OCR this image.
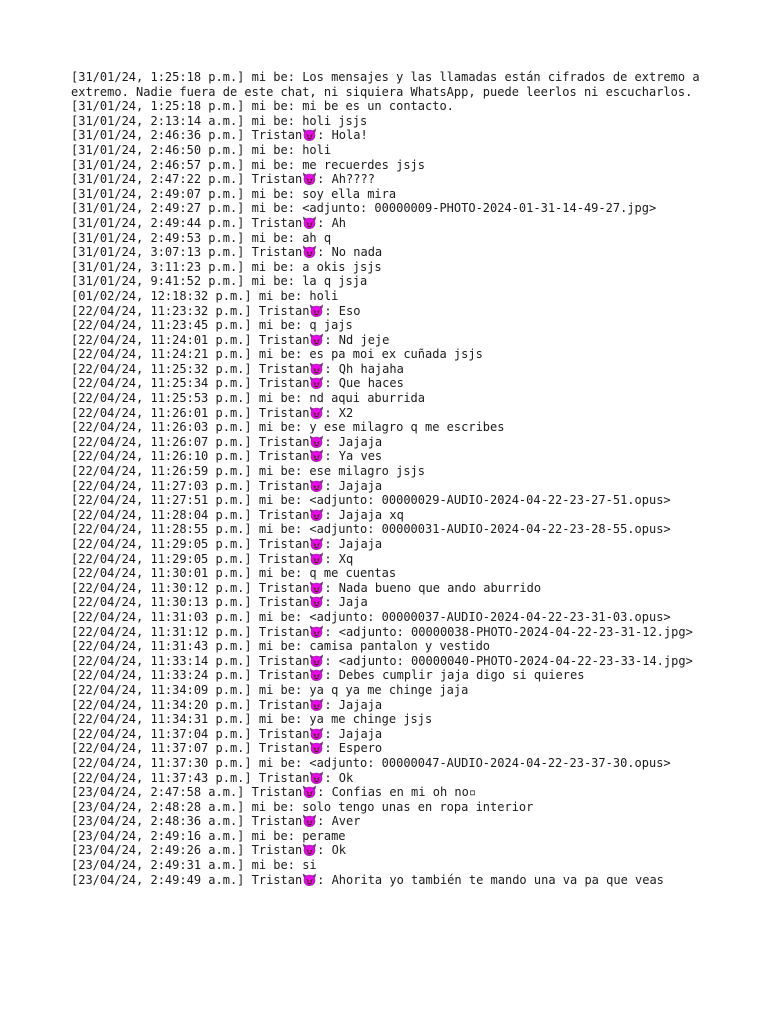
[31/01/24, 1:25:18 p.m.] mi be: Los mensajes y las llamadas están cifrados de extremo a extremo. Nadie fuera de este chat, ni siquiera WhatsApp, puede leerlos ni escucharlos.
[31/01/24, 1:25:18 p.m.] mi be: mi be es un contacto.
[31/01/24, 2:13:14 a.m.] mi be: holi jsjs
[31/01/24, 2:46:36 p.m.] Tristan😈: Hola!
[31/01/24, 2:46:50 p.m.] mi be: holi
[31/01/24, 2:46:57 p.m.] mi be: me recuerdes jsjs
[31/01/24, 2:47:22 p.m.] Tristan😈: Ah????
[31/01/24, 2:49:07 p.m.] mi be: soy ella mira
[31/01/24, 2:49:27 p.m.] mi be: <adjunto: 00000009-PHOTO-2024-01-31-14-49-27.jpg>
[31/01/24, 2:49:44 p.m.] Tristan😈: Ah
[31/01/24, 2:49:53 p.m.] mi be: ah q
[31/01/24, 3:07:13 p.m.] Tristan😈: No nada
[31/01/24, 3:11:23 p.m.] mi be: a okis jsjs
[31/01/24, 9:41:52 p.m.] mi be: la q jsja
[01/02/24, 12:18:32 p.m.] mi be: holi
[22/04/24, 11:23:32 p.m.] Tristan😈: Eso
[22/04/24, 11:23:45 p.m.] mi be: q jajs
[22/04/24, 11:24:01 p.m.] Tristan😈: Nd jeje
[22/04/24, 11:24:21 p.m.] mi be: es pa moi ex cuñada jsjs
[22/04/24, 11:25:32 p.m.] Tristan😈: Qh hajaha
[22/04/24, 11:25:34 p.m.] Tristan😈: Que haces
[22/04/24, 11:25:53 p.m.] mi be: nd aqui aburrida
[22/04/24, 11:26:01 p.m.] Tristan😈: X2
[22/04/24, 11:26:03 p.m.] mi be: y ese milagro q me escribes
[22/04/24, 11:26:07 p.m.] Tristan😈: Jajaja
[22/04/24, 11:26:10 p.m.] Tristan😈: Ya ves
[22/04/24, 11:26:59 p.m.] mi be: ese milagro jsjs
[22/04/24, 11:27:03 p.m.] Tristan😈: Jajaja
[22/04/24, 11:27:51 p.m.] mi be: <adjunto: 00000029-AUDIO-2024-04-22-23-27-51.opus>
[22/04/24, 11:28:04 p.m.] Tristan😈: Jajaja xq
[22/04/24, 11:28:55 p.m.] mi be: <adjunto: 00000031-AUDIO-2024-04-22-23-28-55.opus>
[22/04/24, 11:29:05 p.m.] Tristan😈: Jajaja
[22/04/24, 11:29:05 p.m.] Tristan😈: Xq
[22/04/24, 11:30:01 p.m.] mi be: q me cuentas
[22/04/24, 11:30:12 p.m.] Tristan😈: Nada bueno que ando aburrido
[22/04/24, 11:30:13 p.m.] Tristan😈: Jaja
[22/04/24, 11:31:03 p.m.] mi be: <adjunto: 00000037-AUDIO-2024-04-22-23-31-03.opus>
[22/04/24, 11:31:12 p.m.] Tristan😈: <adjunto: 00000038-PHOTO-2024-04-22-23-31-12.jpg>
[22/04/24, 11:31:43 p.m.] mi be: camisa pantalon y vestido
[22/04/24, 11:33:14 p.m.] Tristan😈: <adjunto: 00000040-PHOTO-2024-04-22-23-33-14.jpg>
[22/04/24, 11:33:24 p.m.] Tristan😈: Debes cumplir jaja digo si quieres
[22/04/24, 11:34:09 p.m.] mi be: ya q ya me chinge jaja
[22/04/24, 11:34:20 p.m.] Tristan😈: Jajaja
[22/04/24, 11:34:31 p.m.] mi be: ya me chinge jsjs
[22/04/24, 11:37:04 p.m.] Tristan😈: Jajaja
[22/04/24, 11:37:07 p.m.] Tristan😈: Espero
[22/04/24, 11:37:30 p.m.] mi be: <adjunto: 00000047-AUDIO-2024-04-22-23-37-30.opus>
[22/04/24, 11:37:43 p.m.] Tristan😈: Ok
[23/04/24, 2:47:58 a.m.] Tristan😈: Confias en mi oh no▫
[23/04/24, 2:48:28 a.m.] mi be: solo tengo unas en ropa interior
[23/04/24, 2:48:36 a.m.] Tristan😈: Aver
[23/04/24, 2:49:16 a.m.] mi be: perame
[23/04/24, 2:49:26 a.m.] Tristan😈: Ok
[23/04/24, 2:49:31 a.m.] mi be: si
[23/04/24, 2:49:49 a.m.] Tristan😈: Ahorita yo también te mando una va pa que veas
